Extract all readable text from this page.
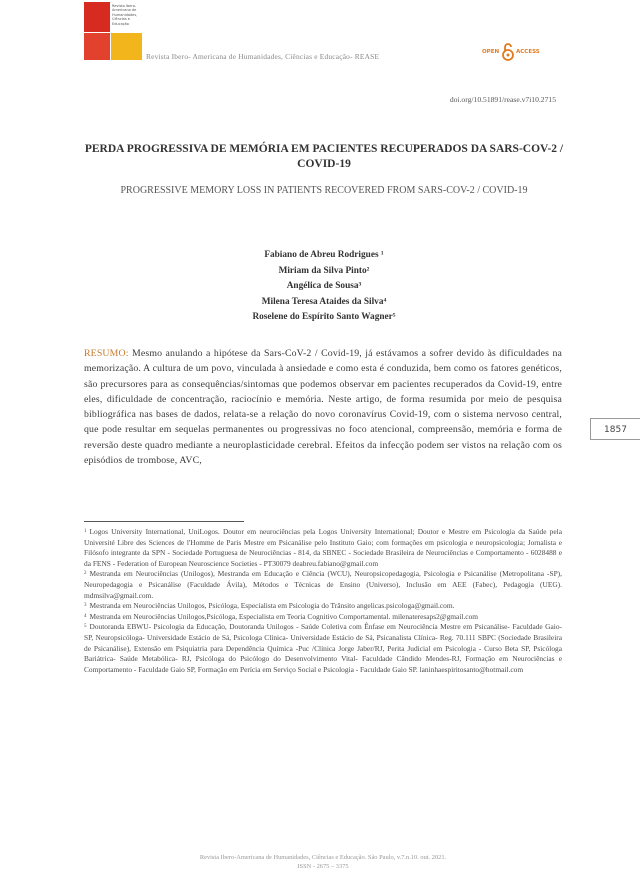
Revista Ibero-Americana de Humanidades, Ciências e Educação
Revista Ibero- Americana de Humanidades, Ciências e Educação- REASE	OPEN	ACCESS
doi.org/10.51891/rease.v7i10.2715
PERDA PROGRESSIVA DE MEMÓRIA EM PACIENTES RECUPERADOS DA SARS-COV-2 / COVID-19
PROGRESSIVE MEMORY LOSS IN PATIENTS RECOVERED FROM SARS-COV-2 / COVID-19
Fabiano de Abreu Rodrigues ¹
Miriam da Silva Pinto²
Angélica de Sousa³
Milena Teresa Ataides da Silva⁴
Roselene do Espírito Santo Wagner⁵
RESUMO: Mesmo anulando a hipótese da Sars-CoV-2 / Covid-19, já estávamos a sofrer devido às dificuldades na memorização. A cultura de um povo, vinculada à ansiedade e como esta é conduzida, bem como os fatores genéticos, são precursores para as consequências/sintomas que podemos observar em pacientes recuperados da Covid-19, entre eles, dificuldade de concentração, raciocínio e memória. Neste artigo, de forma resumida por meio de pesquisa bibliográfica nas bases de dados, relata-se a relação do novo coronavírus Covid-19, com o sistema nervoso central, que pode resultar em sequelas permanentes ou progressivas no foco atencional, compreensão, memória e forma de reversão deste quadro mediante a neuroplasticidade cerebral. Efeitos da infecção podem ser vistos na relação com os episódios de trombose, AVC,
1857
$^1$ Logos University International, UniLogos. Doutor em neurociências pela Logos University International; Doutor e Mestre em Psicologia da Saúde pela Université Libre des Sciences de l'Homme de Paris Mestre em Psicanálise pelo Instituto Gaio; com formações em psicologia e neuropsicologia; Jornalista e Filósofo integrante da SPN - Sociedade Portuguesa de Neurociências - 814, da SBNEC - Sociedade Brasileira de Neurociências e Comportamento - 6028488 e da FENS - Federation of European Neuroscience Societies - PT30079 deabreu.fabiano@gmail.com
$^2$ Mestranda em Neurociências (Unilogos), Mestranda em Educação e Ciência (WCU), Neuropsicopedagogia, Psicologia e Psicanálise (Metropolitana -SP), Neuropedagogia e Psicanálise (Faculdade Ávila), Métodos e Técnicas de Ensino (Universo), Inclusão em AEE (Fabec), Pedagogia (UEG). mdmsilva@gmail.com.
$^3$ Mestranda em Neurociências Unilogos, Psicóloga, Especialista em Psicologia do Trânsito angelicas.psicologa@gmail.com.
$^4$ Mestranda em Neurociências Unilogos,Psicóloga, Especialista em Teoria Cognitivo Comportamental. milenateresaps2@gmail.com
$^5$ Doutoranda EBWU- Psicologia da Educação, Doutoranda Unilogos - Saúde Coletiva com Ênfase em Neurociência Mestre em Psicanálise- Faculdade Gaio- SP, Neuropsicóloga- Universidade Estácio de Sá, Psicologa Clínica- Universidade Estácio de Sá, Psicanalista Clínica- Reg. 70.111 SBPC (Sociedade Brasileira de Psicanálise), Extensão em Psiquiatria para Dependência Química -Puc /Clínica Jorge Jaber/RJ, Perita Judicial em Psicologia - Curso Beta SP, Psicóloga Bariátrica- Saúde Metabólica- RJ, Psicóloga do Psicólogo do Desenvolvimento Vital- Faculdade Cândido Mendes-RJ, Formação em Neurociências e Comportamento - Faculdade Gaio SP, Formação em Perícia em Serviço Social e Psicologia - Faculdade Gaio SP. laninhaespiritosanto@hotmail.com
Revista Ibero-Americana de Humanidades, Ciências e Educação. São Paulo, v.7.n.10. out. 2021.
ISSN - 2675 – 3375
